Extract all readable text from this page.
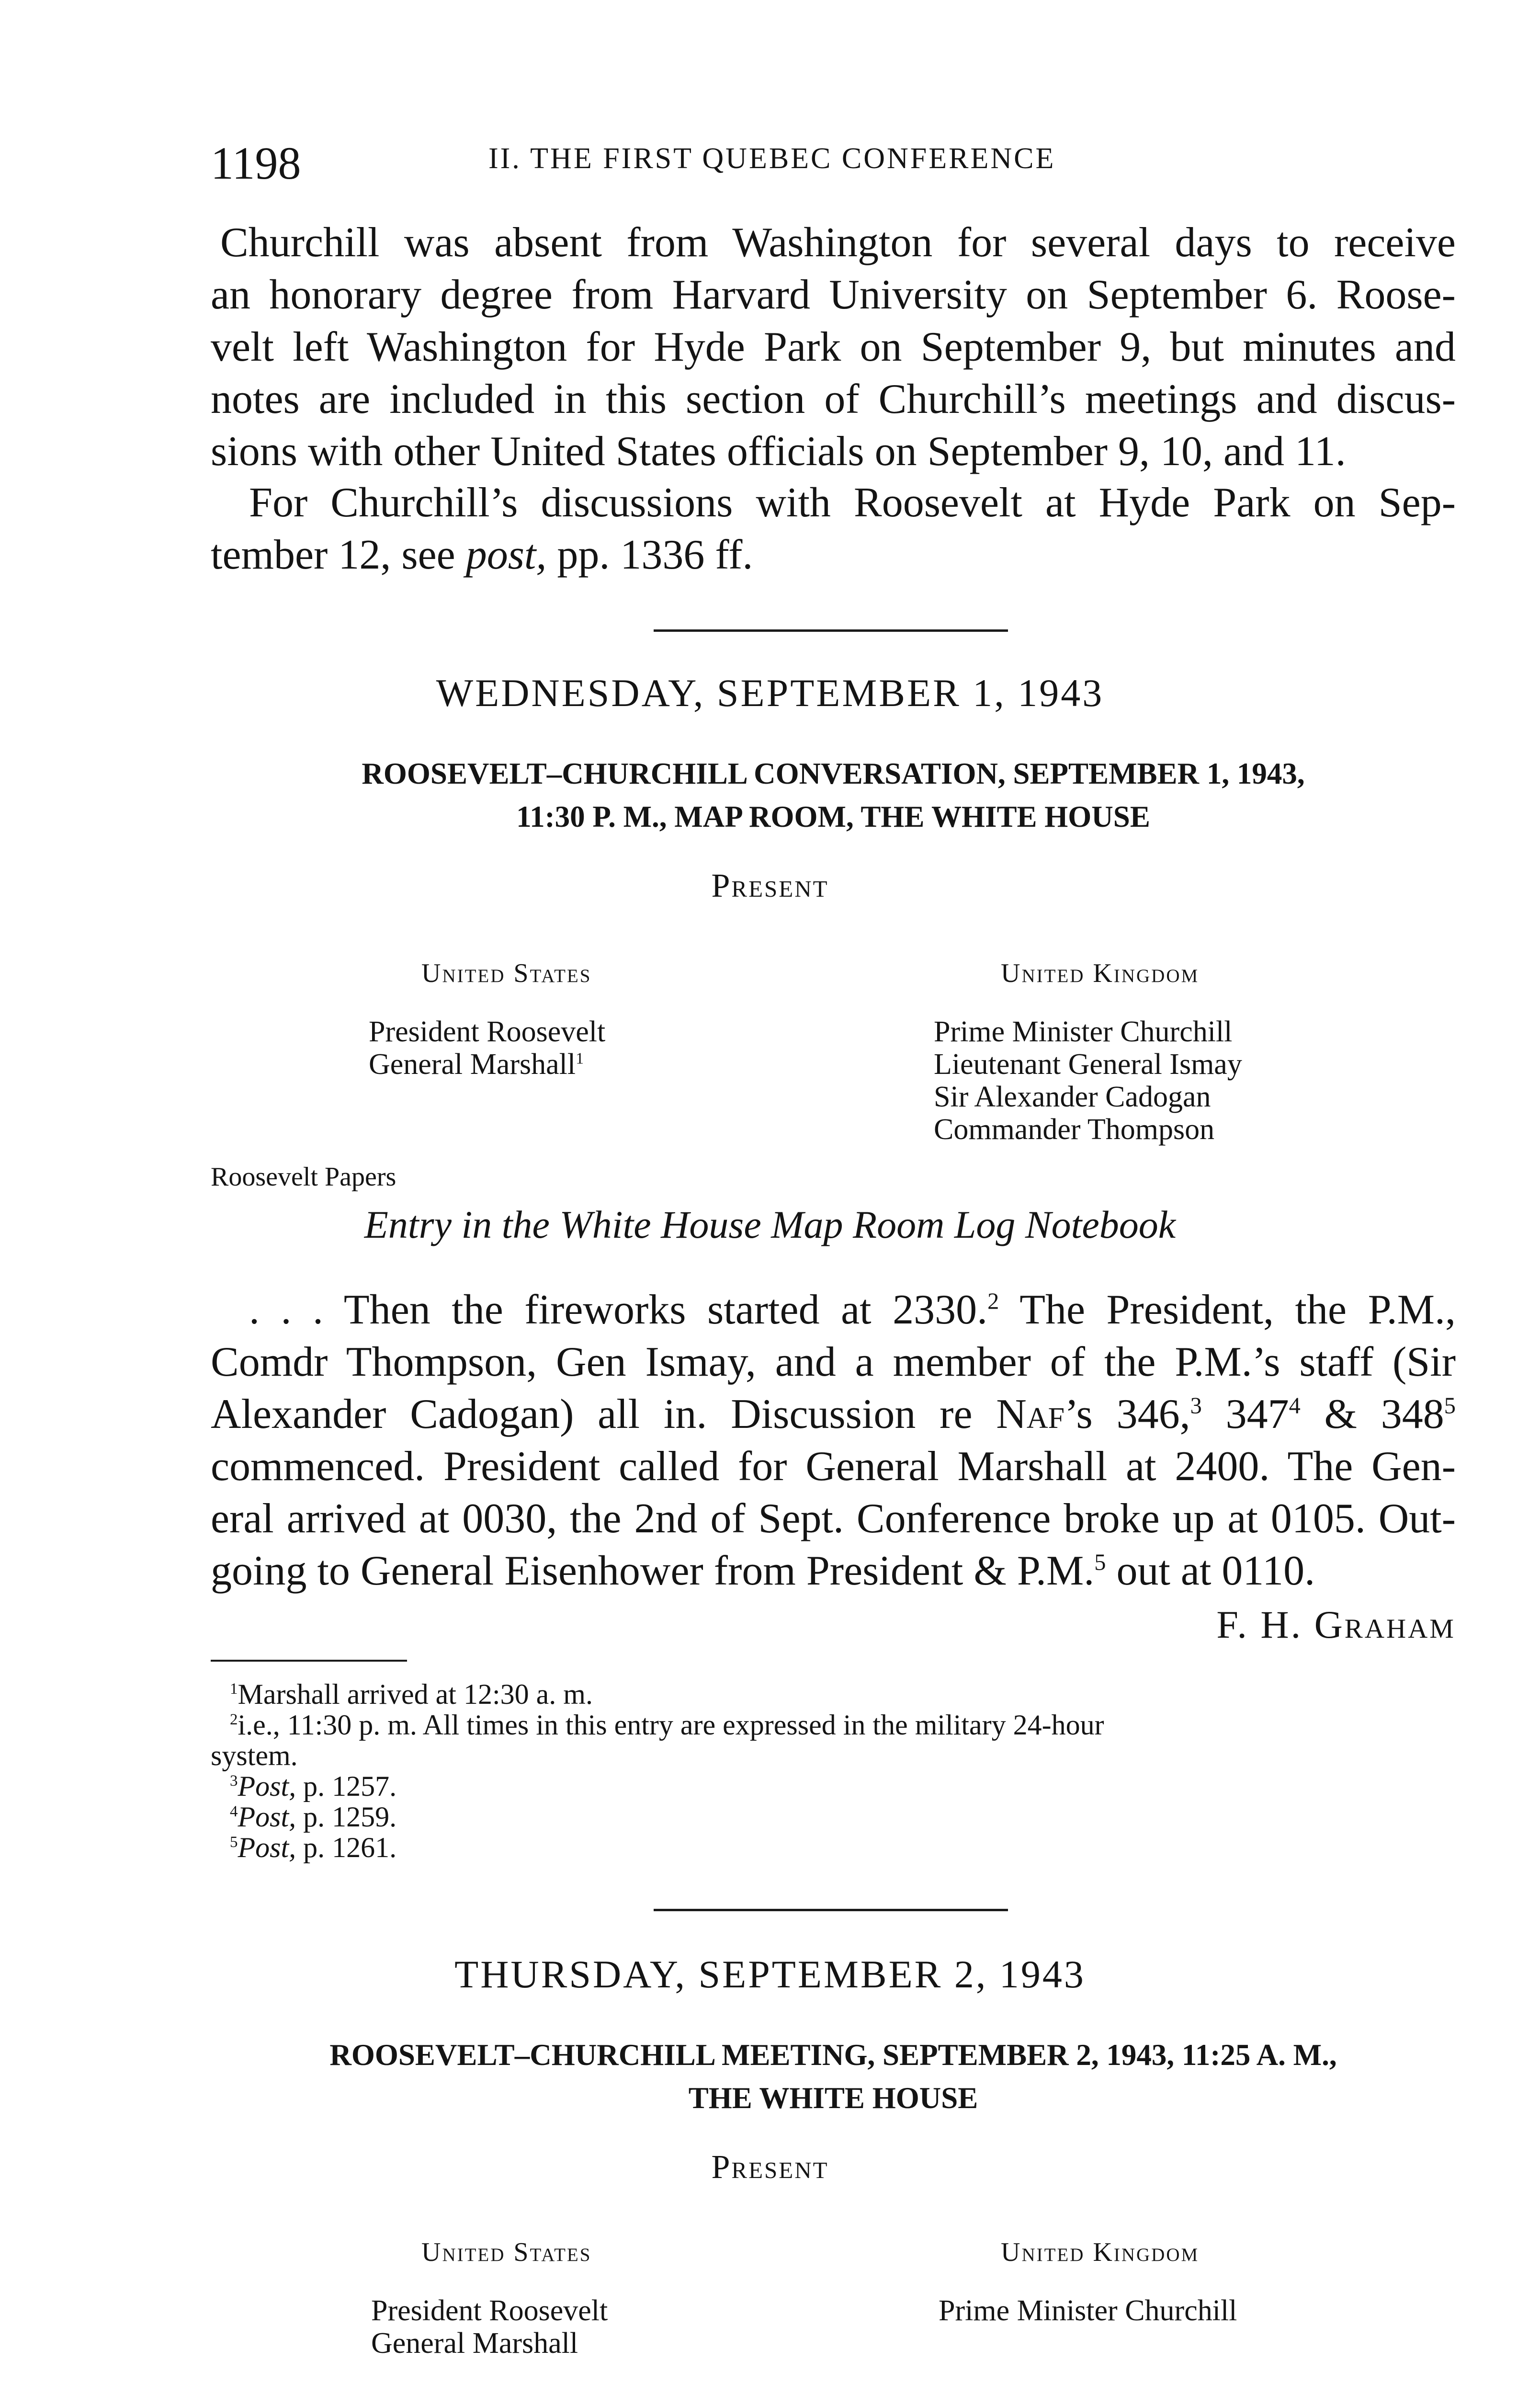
1198	II. THE FIRST QUEBEC CONFERENCE
Churchill was absent from Washington for several days to receive
an honorary degree from Harvard University on September 6. Roose-
velt left Washington for Hyde Park on September 9, but minutes and
notes are included in this section of Churchill’s meetings and discus-
sions with other United States officials on September 9, 10, and 11.
For Churchill’s discussions with Roosevelt at Hyde Park on Sep-
tember 12, see post, pp. 1336 ff.
WEDNESDAY, SEPTEMBER 1, 1943
ROOSEVELT–CHURCHILL CONVERSATION, SEPTEMBER 1, 1943,
11:30 P. M., MAP ROOM, THE WHITE HOUSE
Present
United States
President Roosevelt
General Marshall$^1$
United Kingdom
Prime Minister Churchill
Lieutenant General Ismay
Sir Alexander Cadogan
Commander Thompson
Roosevelt Papers
Entry in the White House Map Room Log Notebook
. . . Then the fireworks started at 2330.$^2$ The President, the P.M.,
Comdr Thompson, Gen Ismay, and a member of the P.M.’s staff (Sir
Alexander Cadogan) all in. Discussion re Naf’s 346,$^3$ $347^4$ & $348^5$
commenced. President called for General Marshall at 2400. The Gen-
eral arrived at 0030, the 2nd of Sept. Conference broke up at 0105. Out-
going to General Eisenhower from President & P.M.$^5$ out at 0110.
F. H. Graham
$^1$Marshall arrived at 12:30 a. m.
$^2$i.e., 11:30 p. m. All times in this entry are expressed in the military 24-hour
system.
$^3$Post, p. 1257.
$^4$Post, p. 1259.
$^5$Post, p. 1261.
THURSDAY, SEPTEMBER 2, 1943
ROOSEVELT–CHURCHILL MEETING, SEPTEMBER 2, 1943, 11:25 A. M.,
THE WHITE HOUSE
Present
United States
President Roosevelt
General Marshall
United Kingdom
Prime Minister Churchill
